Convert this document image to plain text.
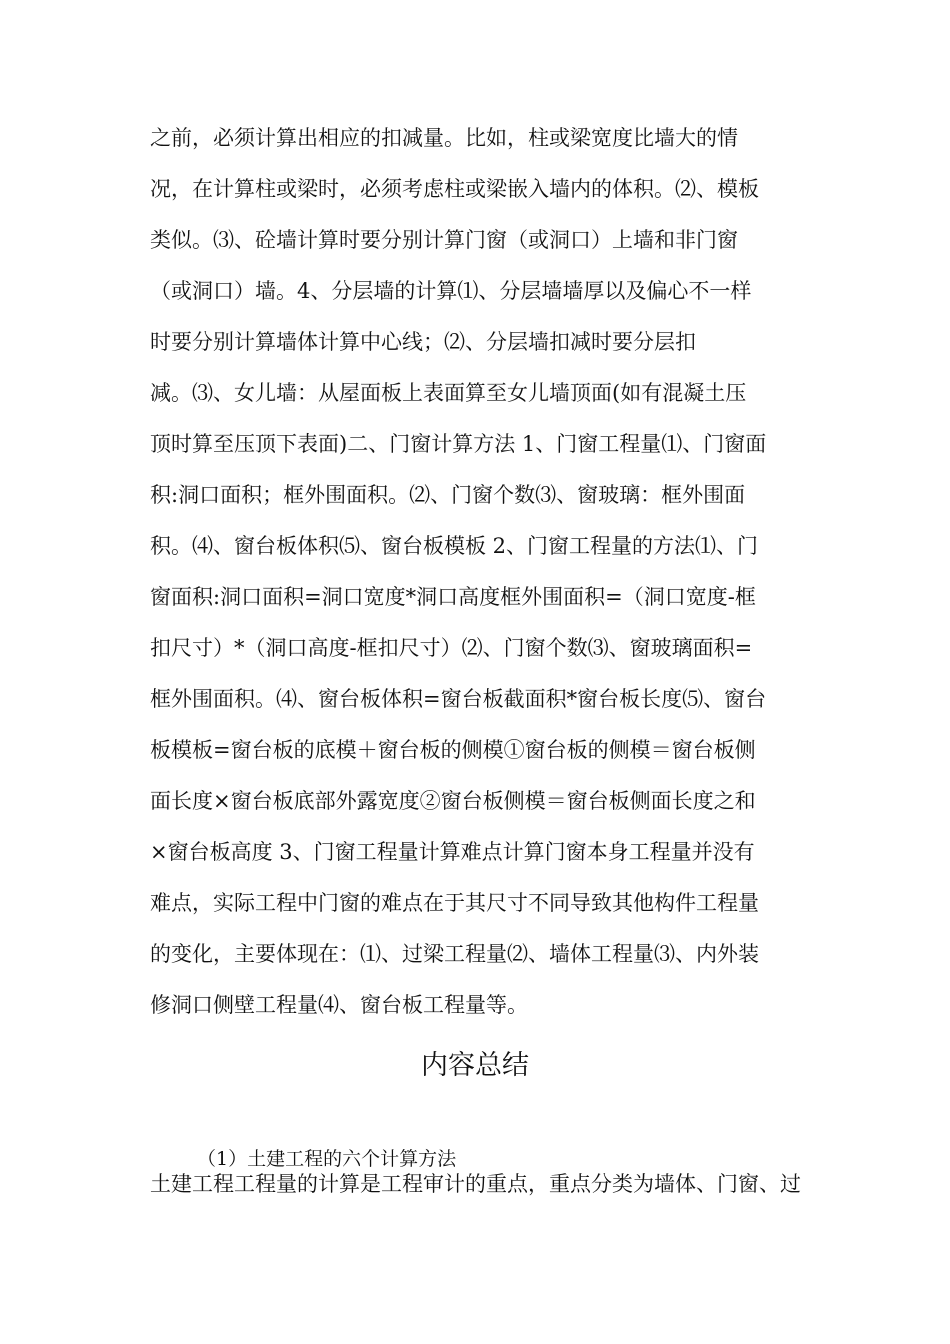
之前，必须计算出相应的扣减量。比如，柱或梁宽度比墙大的情
况，在计算柱或梁时，必须考虑柱或梁嵌入墙内的体积。⑵、模板
类似。⑶、砼墙计算时要分别计算门窗（或洞口）上墙和非门窗
（或洞口）墙。4、分层墙的计算⑴、分层墙墙厚以及偏心不一样
时要分别计算墙体计算中心线；⑵、分层墙扣减时要分层扣
减。⑶、女儿墙：从屋面板上表面算至女儿墙顶面(如有混凝土压
顶时算至压顶下表面)二、门窗计算方法 1、门窗工程量⑴、门窗面
积:洞口面积；框外围面积。⑵、门窗个数⑶、窗玻璃：框外围面
积。⑷、窗台板体积⑸、窗台板模板 2、门窗工程量的方法⑴、门
窗面积:洞口面积=洞口宽度*洞口高度框外围面积=（洞口宽度-框
扣尺寸）*（洞口高度-框扣尺寸）⑵、门窗个数⑶、窗玻璃面积=
框外围面积。⑷、窗台板体积=窗台板截面积*窗台板长度⑸、窗台
板模板=窗台板的底模＋窗台板的侧模①窗台板的侧模＝窗台板侧
面长度×窗台板底部外露宽度②窗台板侧模＝窗台板侧面长度之和
×窗台板高度 3、门窗工程量计算难点计算门窗本身工程量并没有
难点，实际工程中门窗的难点在于其尺寸不同导致其他构件工程量
的变化，主要体现在：⑴、过梁工程量⑵、墙体工程量⑶、内外装
修洞口侧壁工程量⑷、窗台板工程量等。
内容总结
（1）土建工程的六个计算方法
土建工程工程量的计算是工程审计的重点，重点分类为墙体、门窗、过
